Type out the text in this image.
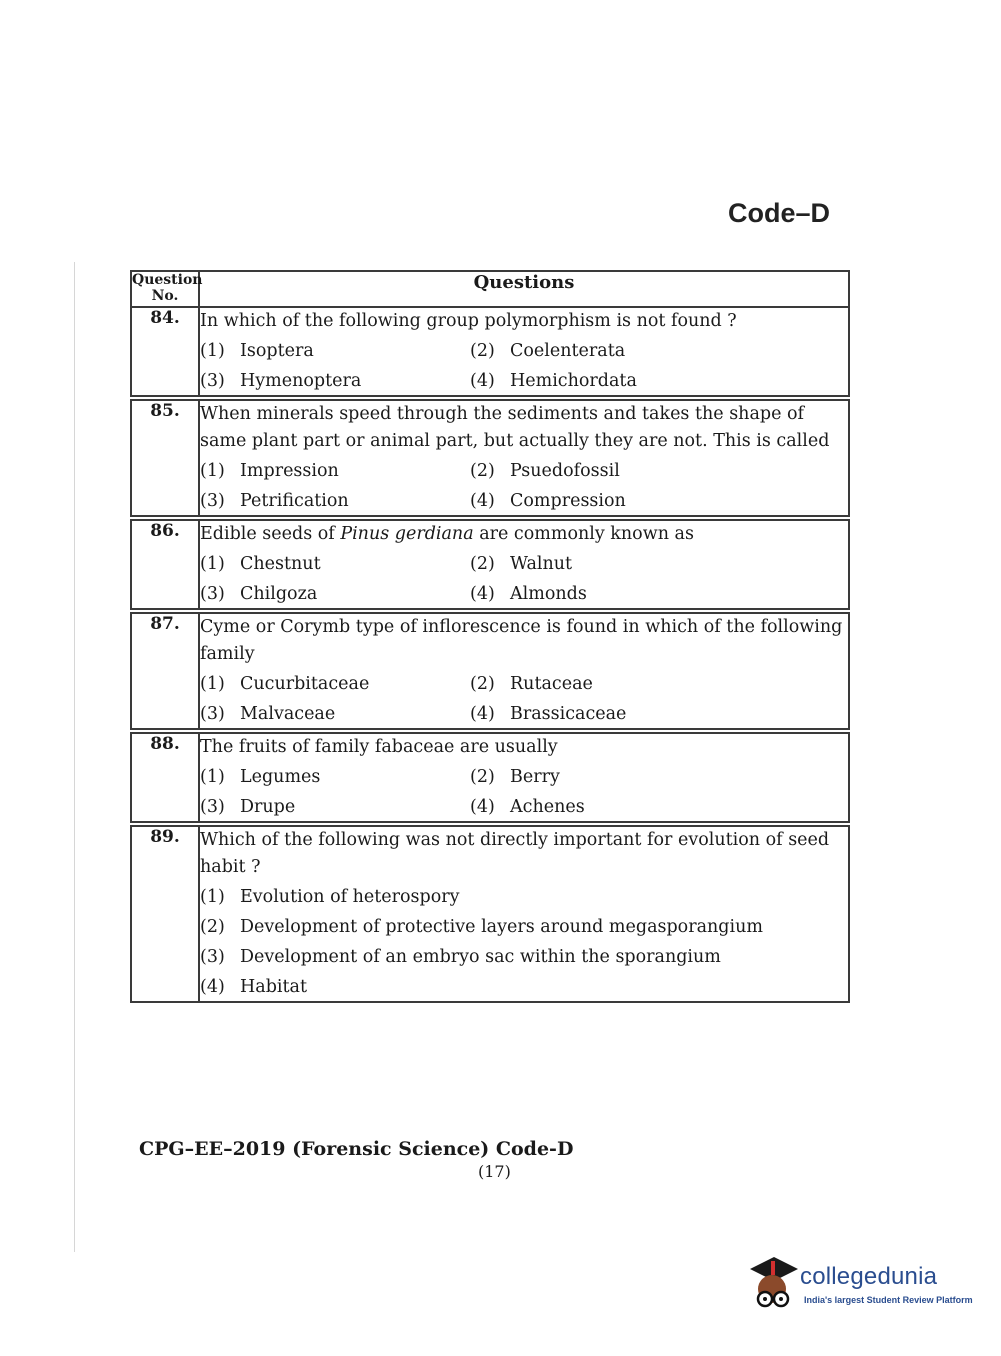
Code–D
Question No.	Questions
84.	In which of the following group polymorphism is not found ?
(1) Isoptera (2) Coelenterata
(3) Hymenoptera (4) Hemichordata

85.	When minerals speed through the sediments and takes the shape of same plant part or animal part, but actually they are not. This is called
(1) Impression (2) Psuedofossil
(3) Petrification (4) Compression

86.	Edible seeds of Pinus gerdiana are commonly known as
(1) Chestnut (2) Walnut
(3) Chilgoza (4) Almonds

87.	Cyme or Corymb type of inflorescence is found in which of the following family
(1) Cucurbitaceae (2) Rutaceae
(3) Malvaceae (4) Brassicaceae

88.	The fruits of family fabaceae are usually
(1) Legumes (2) Berry
(3) Drupe (4) Achenes

89.	Which of the following was not directly important for evolution of seed habit ?
(1) Evolution of heterospory
(2) Development of protective layers around megasporangium
(3) Development of an embryo sac within the sporangium
(4) Habitat
CPG–EE–2019 (Forensic Science) Code-D
(17)
collegedunia
India's largest Student Review Platform
